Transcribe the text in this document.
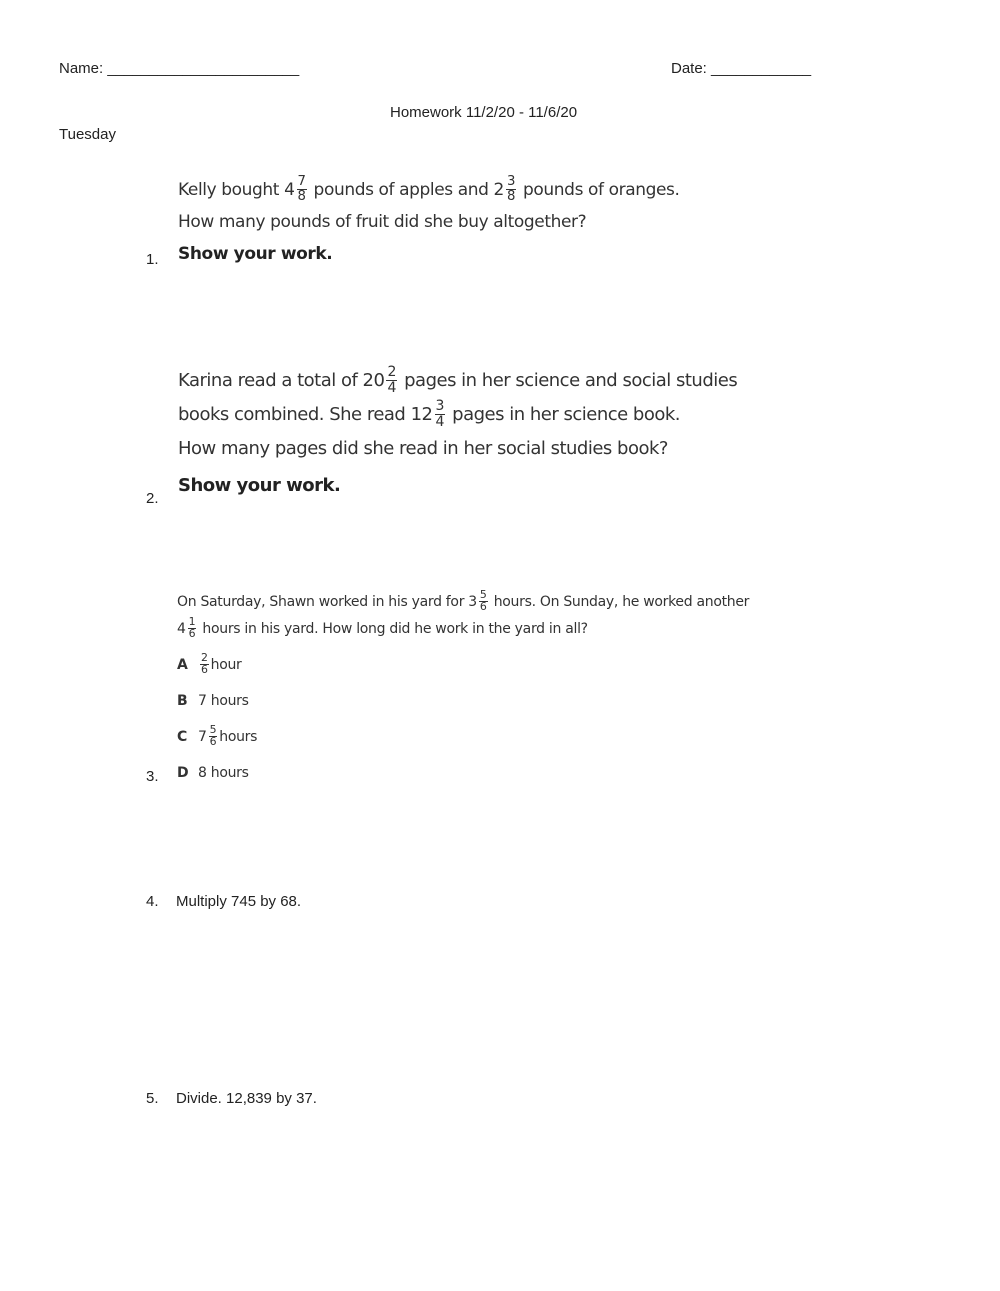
Name: _______________________	Date: ____________
Homework 11/2/20 - 11/6/20
Tuesday
1.
Kelly bought $4 \frac{7}{8}$ pounds of apples and $2 \frac{3}{8}$ pounds of oranges.
How many pounds of fruit did she buy altogether?
Show your work.
2.
Karina read a total of $20 \frac{2}{4}$ pages in her science and social studies
books combined. She read $12 \frac{3}{4}$ pages in her science book.
How many pages did she read in her social studies book?
Show your work.
3.
On Saturday, Shawn worked in his yard for $3 \frac{5}{6}$ hours. On Sunday, he worked another
$4 \frac{1}{6}$ hours in his yard. How long did he work in the yard in all?
A $\frac{2}{6}$ hour
B 7 hours
C $7 \frac{5}{6}$ hours
D 8 hours
4. Multiply 745 by 68.
5. Divide. 12,839 by 37.
